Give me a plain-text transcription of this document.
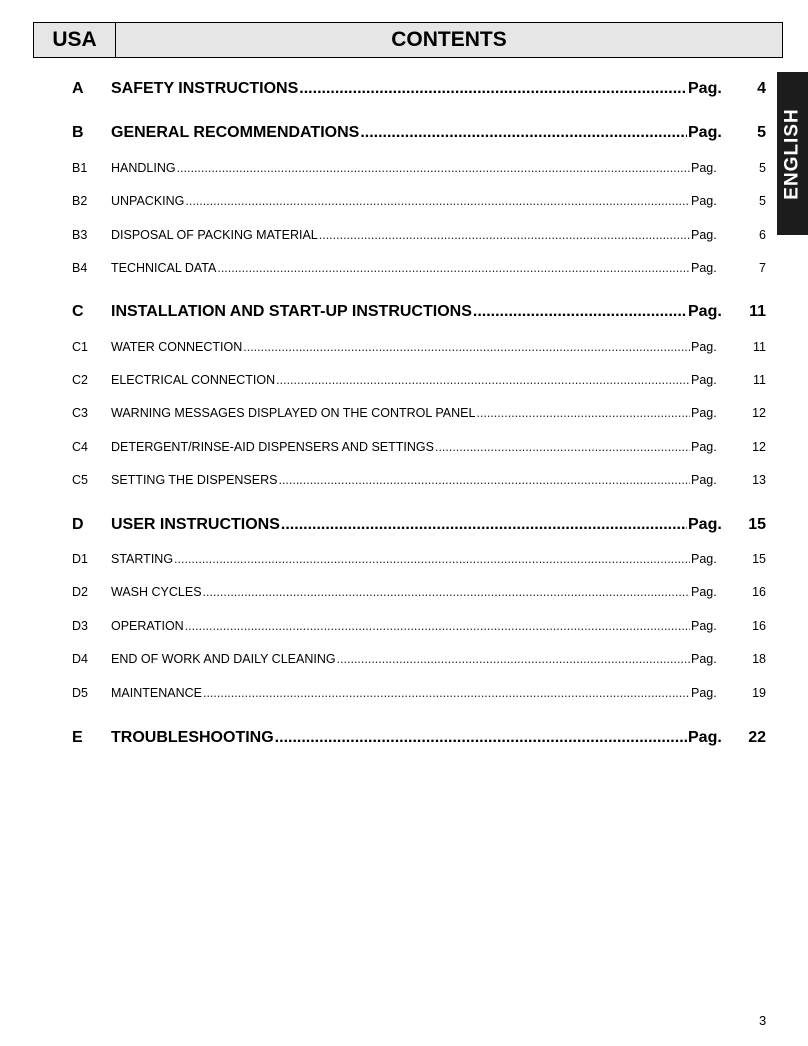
USA	CONTENTS
ENGLISH
A	SAFETY INSTRUCTIONS .....	Pag.	4
B	GENERAL RECOMMENDATIONS .....	Pag.	5
B1	HANDLING .....	Pag.	5
B2	UNPACKING .....	Pag.	5
B3	DISPOSAL OF PACKING MATERIAL .....	Pag.	6
B4	TECHNICAL DATA .....	Pag.	7
C	INSTALLATION AND START-UP INSTRUCTIONS .....	Pag.	11
C1	WATER CONNECTION .....	Pag.	11
C2	ELECTRICAL CONNECTION .....	Pag.	11
C3	WARNING MESSAGES DISPLAYED ON THE CONTROL PANEL .....	Pag.	12
C4	DETERGENT/RINSE-AID DISPENSERS AND SETTINGS .....	Pag.	12
C5	SETTING THE DISPENSERS .....	Pag.	13
D	USER INSTRUCTIONS .....	Pag.	15
D1	STARTING .....	Pag.	15
D2	WASH CYCLES .....	Pag.	16
D3	OPERATION .....	Pag.	16
D4	END OF WORK AND DAILY CLEANING .....	Pag.	18
D5	MAINTENANCE .....	Pag.	19
E	TROUBLESHOOTING .....	Pag.	22
3
